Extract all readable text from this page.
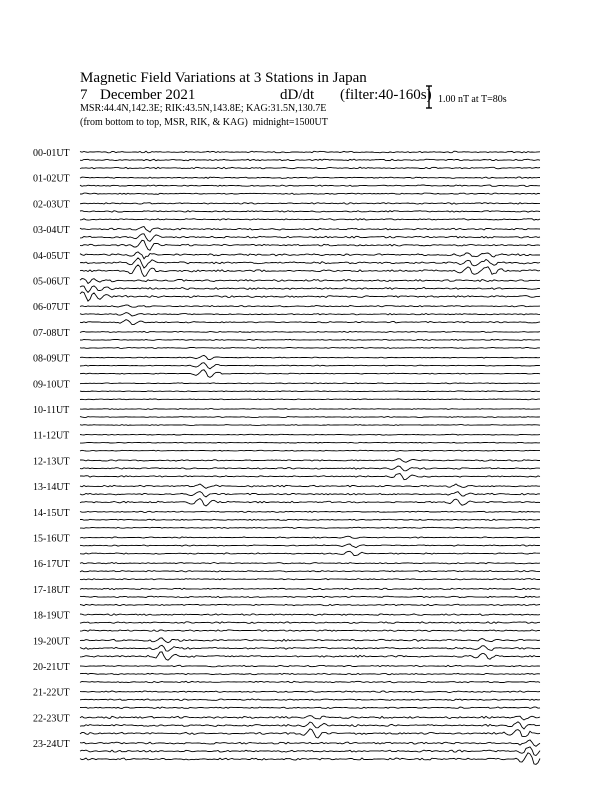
00-01UT
01-02UT
02-03UT
03-04UT
04-05UT
05-06UT
06-07UT
07-08UT
08-09UT
09-10UT
10-11UT
11-12UT
12-13UT
13-14UT
14-15UT
15-16UT
16-17UT
17-18UT
18-19UT
19-20UT
20-21UT
21-22UT
22-23UT
23-24UT
Magnetic Field Variations at 3 Stations in Japan
7 December 2021	dD/dt (filter:40-160s)
MSR:44.4N,142.3E; RIK:43.5N,143.8E; KAG:31.5N,130.7E
(from bottom to top, MSR, RIK, & KAG) midnight=1500UT
1.00 nT at T=80s
